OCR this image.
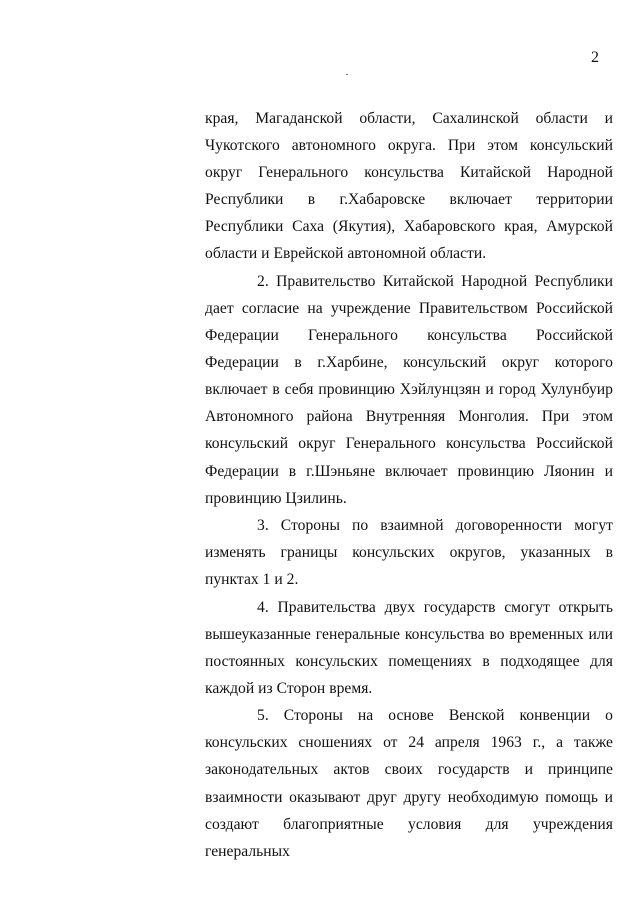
2

края, Магаданской области, Сахалинской области и Чукотского автономного округа. При этом консульский округ Генерального консульства Китайской Народной Республики в г.Хабаровске включает территории Республики Саха (Якутия), Хабаровского края, Амурской области и Еврейской автономной области.

2. Правительство Китайской Народной Республики дает согласие на учреждение Правительством Российской Федерации Генерального консульства Российской Федерации в г.Харбине, консульский округ которого включает в себя провинцию Хэйлунцзян и город Хулунбуир Автономного района Внутренняя Монголия. При этом консульский округ Генерального консульства Российской Федерации в г.Шэньяне включает провинцию Ляонин и провинцию Цзилинь.

3. Стороны по взаимной договоренности могут изменять границы консульских округов, указанных в пунктах 1 и 2.

4. Правительства двух государств смогут открыть вышеуказанные генеральные консульства во временных или постоянных консульских помещениях в подходящее для каждой из Сторон время.

5. Стороны на основе Венской конвенции о консульских сношениях от 24 апреля 1963 г., а также законодательных актов своих государств и принципе взаимности оказывают друг другу необходимую помощь и создают благоприятные условия для учреждения генеральных
